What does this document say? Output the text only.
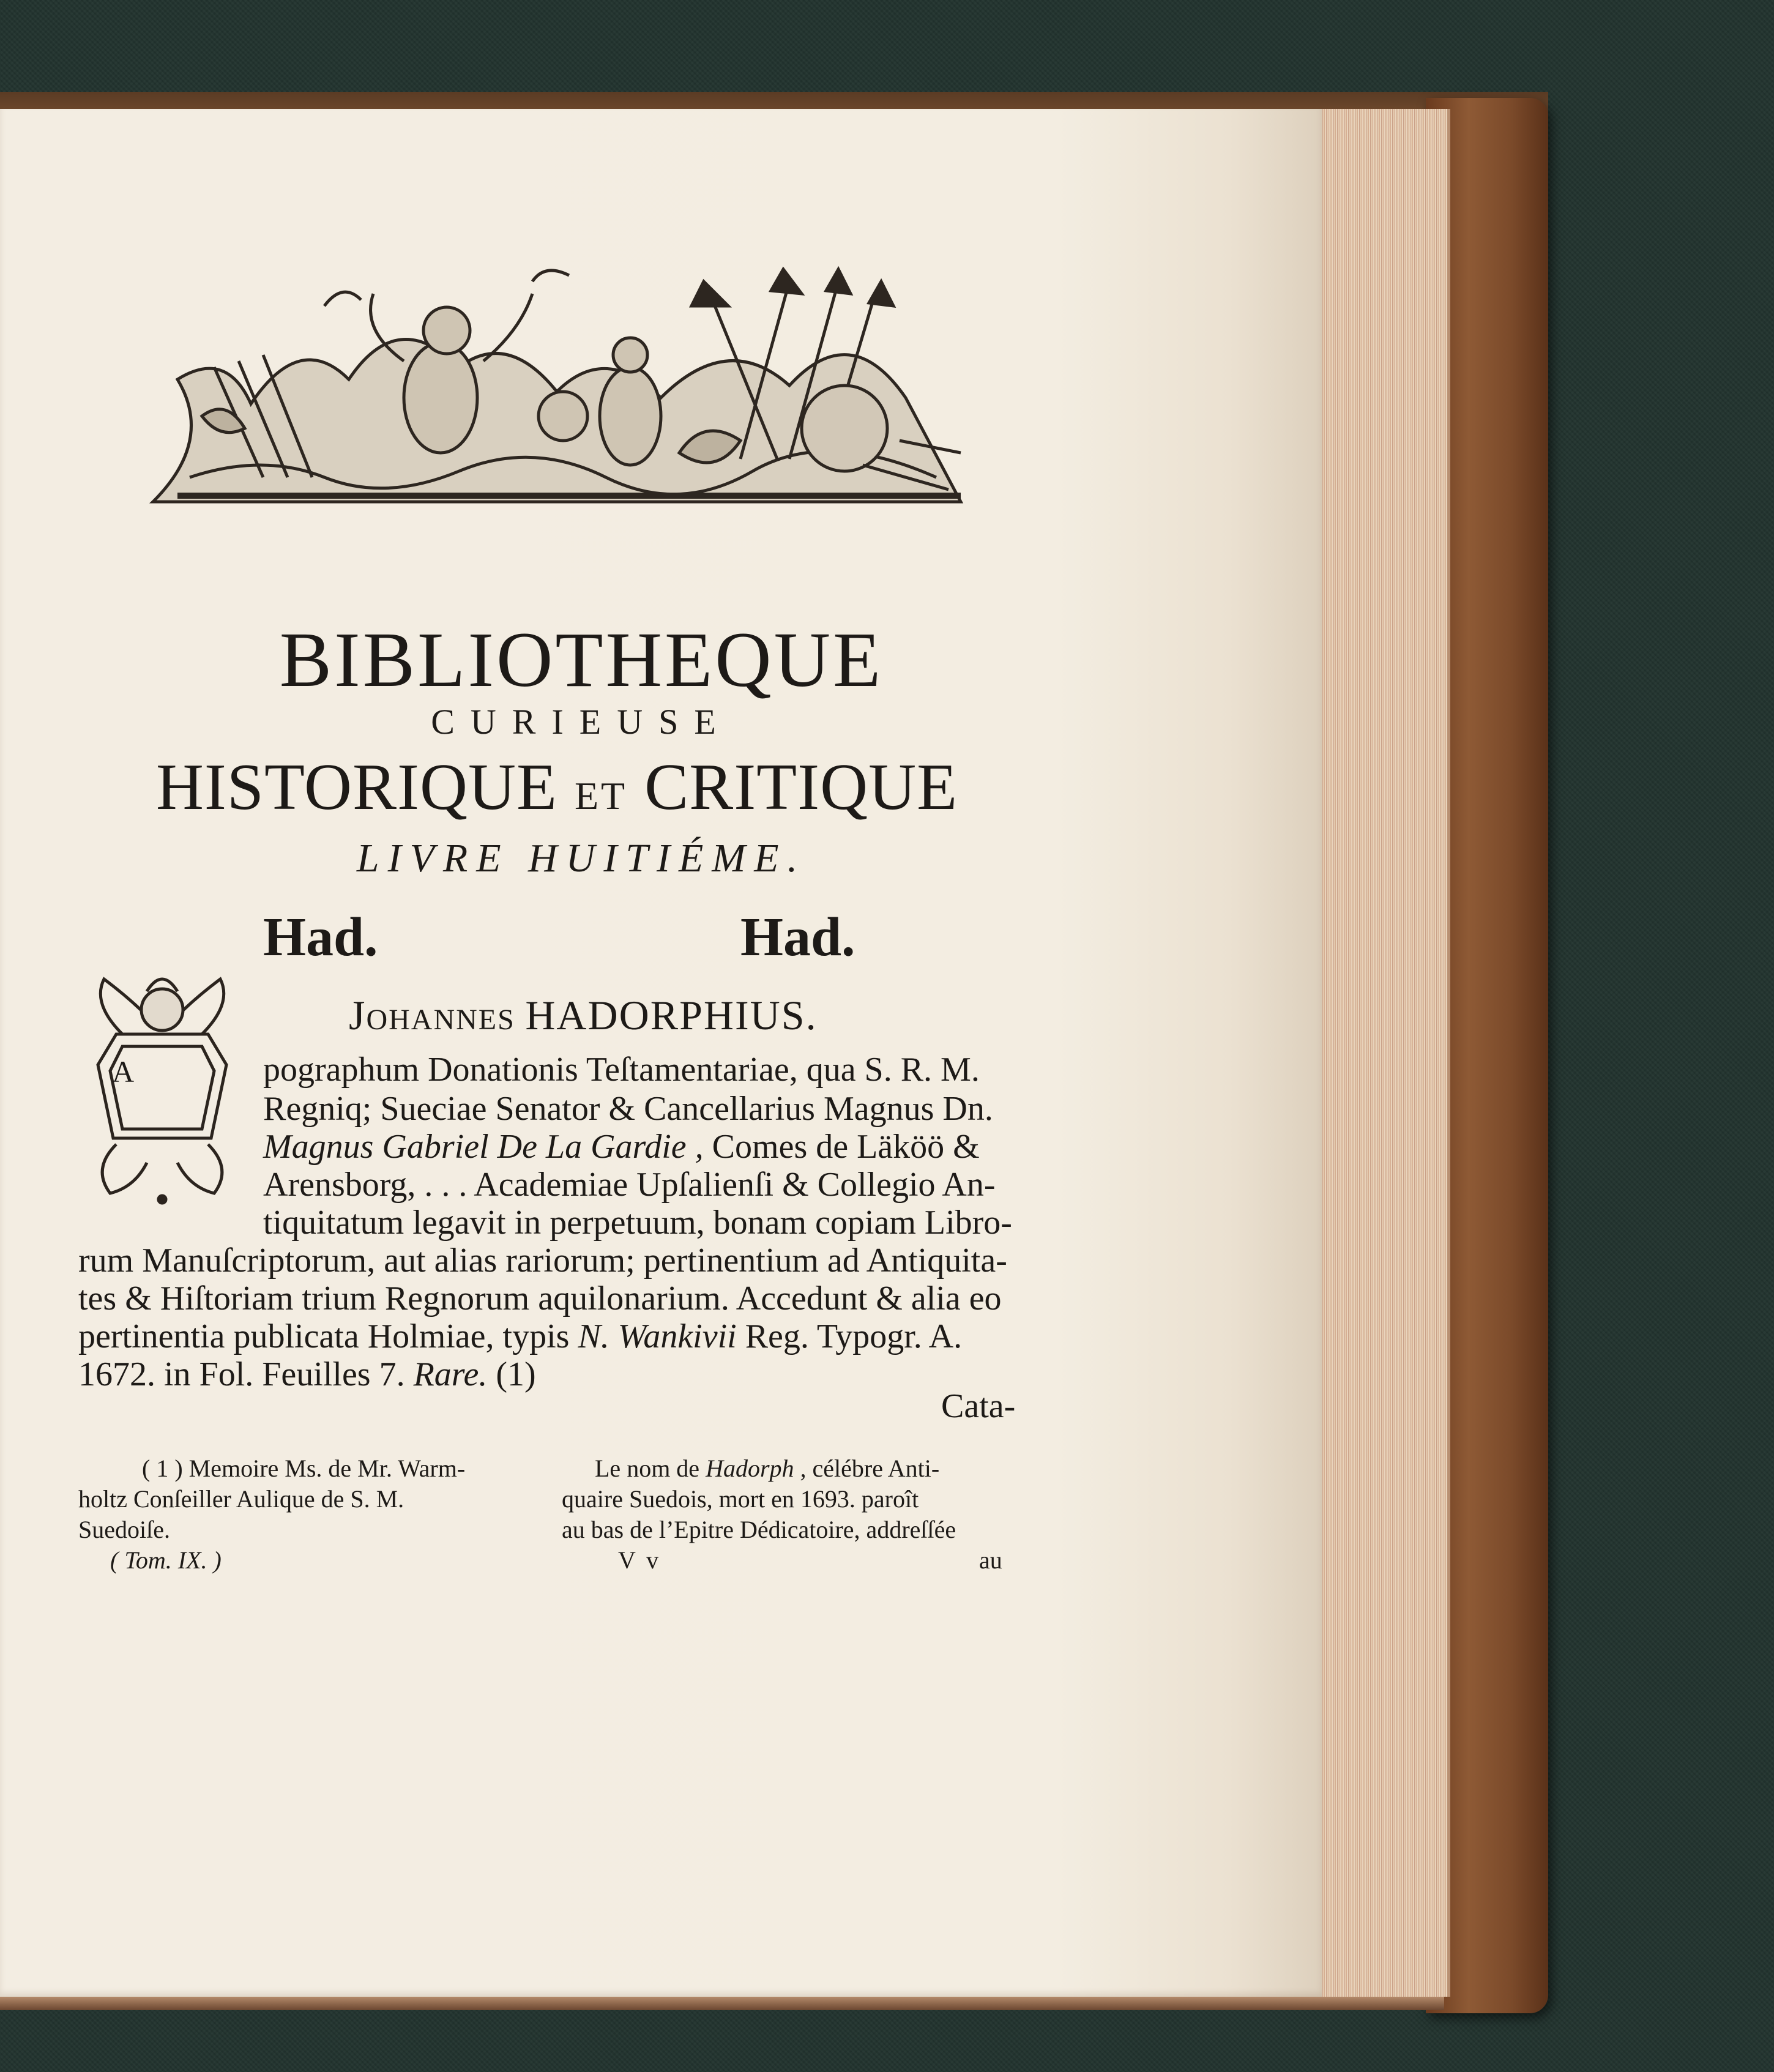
BIBLIOTHEQUE
CURIEUSE
HISTORIQUE ET CRITIQUE
LIVRE HUITIÉME.
Had.	Had.
Johannes HADORPHIUS.
A	pographum Donationis Teſtamentariae, qua S. R. M.
Regniq; Sueciae Senator & Cancellarius Magnus Dn.
Magnus Gabriel De La Gardie , Comes de Läköö &
Arensborg, . . . Academiae Upſalienſi & Collegio An-
tiquitatum legavit in perpetuum, bonam copiam Libro-
rum Manuſcriptorum, aut alias rariorum; pertinentium ad Antiquita-
tes & Hiſtoriam trium Regnorum aquilonarium. Accedunt & alia eo
pertinentia publicata Holmiae, typis N. Wankivii Reg. Typogr. A.
1672. in Fol. Feuilles 7. Rare. (1)
Cata-
( 1 ) Memoire Ms. de Mr. Warm-
holtz Conſeiller Aulique de S. M.
Suedoiſe.
Le nom de Hadorph , célébre Anti-
quaire Suedois, mort en 1693. paroît
au bas de l’Epitre Dédicatoire, addreſſée
au
( Tom. IX. )	V v
